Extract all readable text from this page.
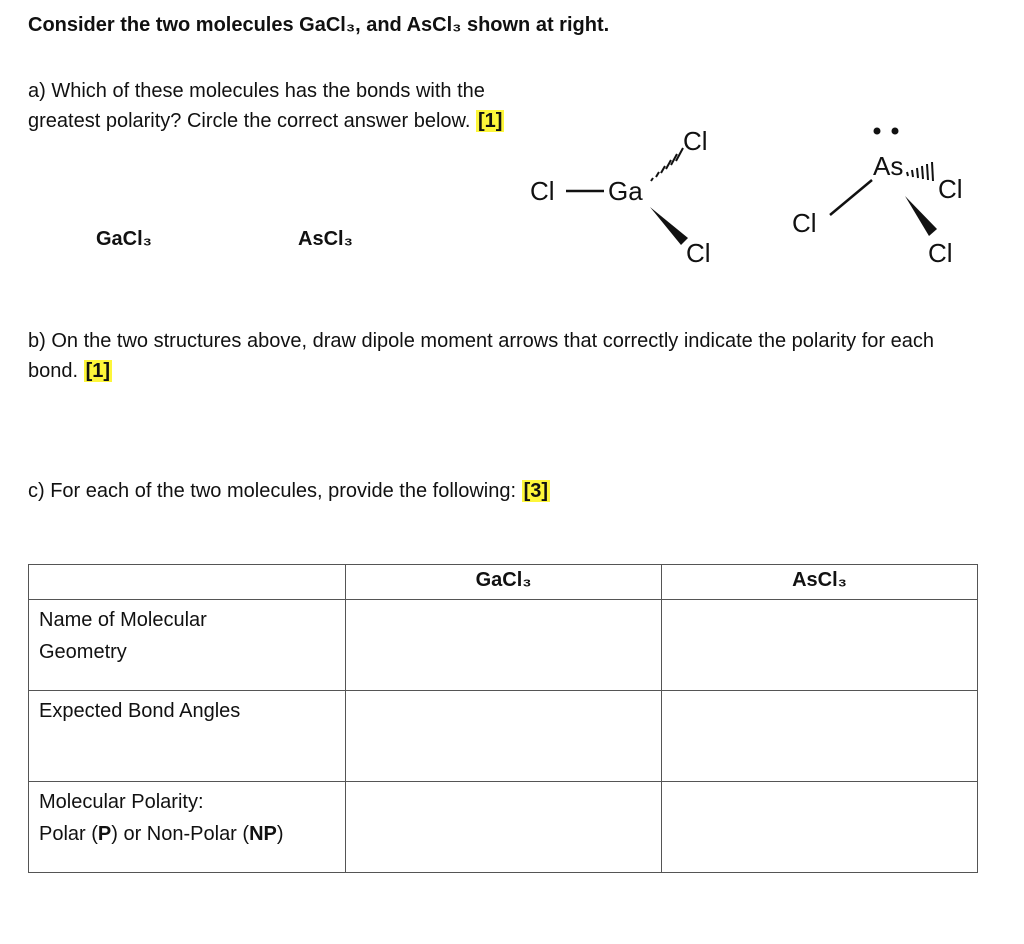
Consider the two molecules GaCl₃, and AsCl₃ shown at right.
a) Which of these molecules has the bonds with the greatest polarity? Circle the correct answer below. [1]
GaCl₃	AsCl₃
Cl Ga
Cl
Cl
As
Cl
Cl
Cl
b) On the two structures above, draw dipole moment arrows that correctly indicate the polarity for each bond. [1]
c) For each of the two molecules, provide the following: [3]
	GaCl₃	AsCl₃

Name of Molecular
Geometry		

Expected Bond Angles		

Molecular Polarity:
Polar (P) or Non-Polar (NP)		
